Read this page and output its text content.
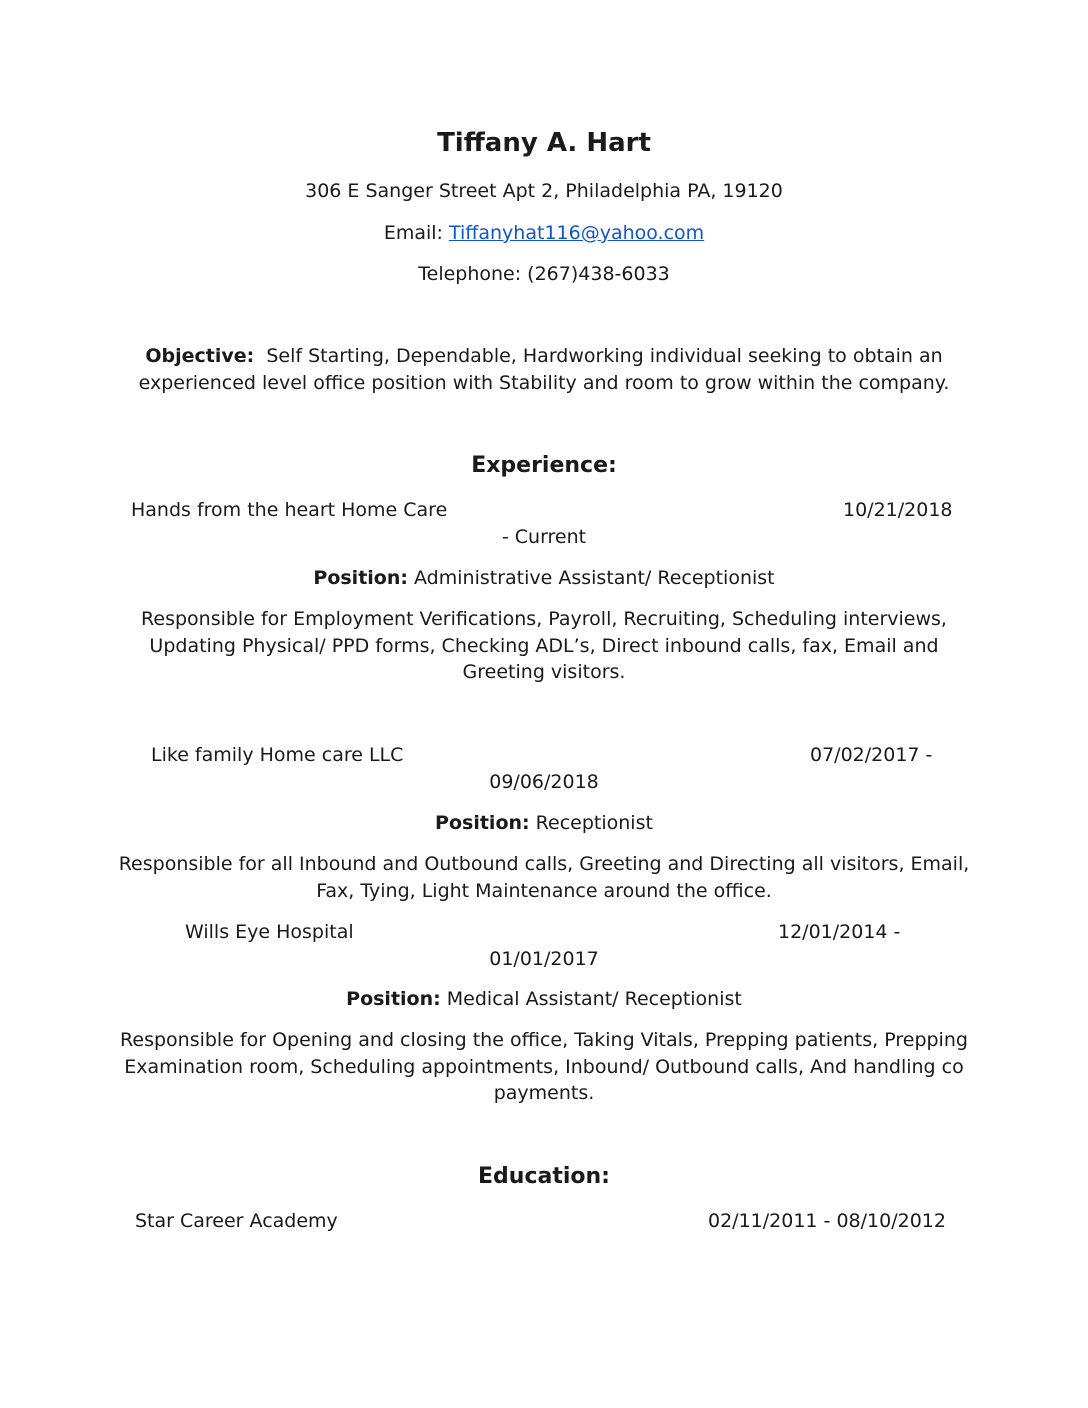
Tiffany A. Hart
306 E Sanger Street Apt 2, Philadelphia PA, 19120
Email: Tiffanyhat116@yahoo.com
Telephone: (267)438-6033
Objective: Self Starting, Dependable, Hardworking individual seeking to obtain an experienced level office position with Stability and room to grow within the company.
Experience:
Hands from the heart Home Care	10/21/2018
- Current
Position: Administrative Assistant/ Receptionist
Responsible for Employment Verifications, Payroll, Recruiting, Scheduling interviews, Updating Physical/ PPD forms, Checking ADL’s, Direct inbound calls, fax, Email and Greeting visitors.
Like family Home care LLC	07/02/2017 -
09/06/2018
Position: Receptionist
Responsible for all Inbound and Outbound calls, Greeting and Directing all visitors, Email, Fax, Tying, Light Maintenance around the office.
Wills Eye Hospital	12/01/2014 -
01/01/2017
Position: Medical Assistant/ Receptionist
Responsible for Opening and closing the office, Taking Vitals, Prepping patients, Prepping Examination room, Scheduling appointments, Inbound/ Outbound calls, And handling co payments.
Education:
Star Career Academy	02/11/2011 - 08/10/2012
